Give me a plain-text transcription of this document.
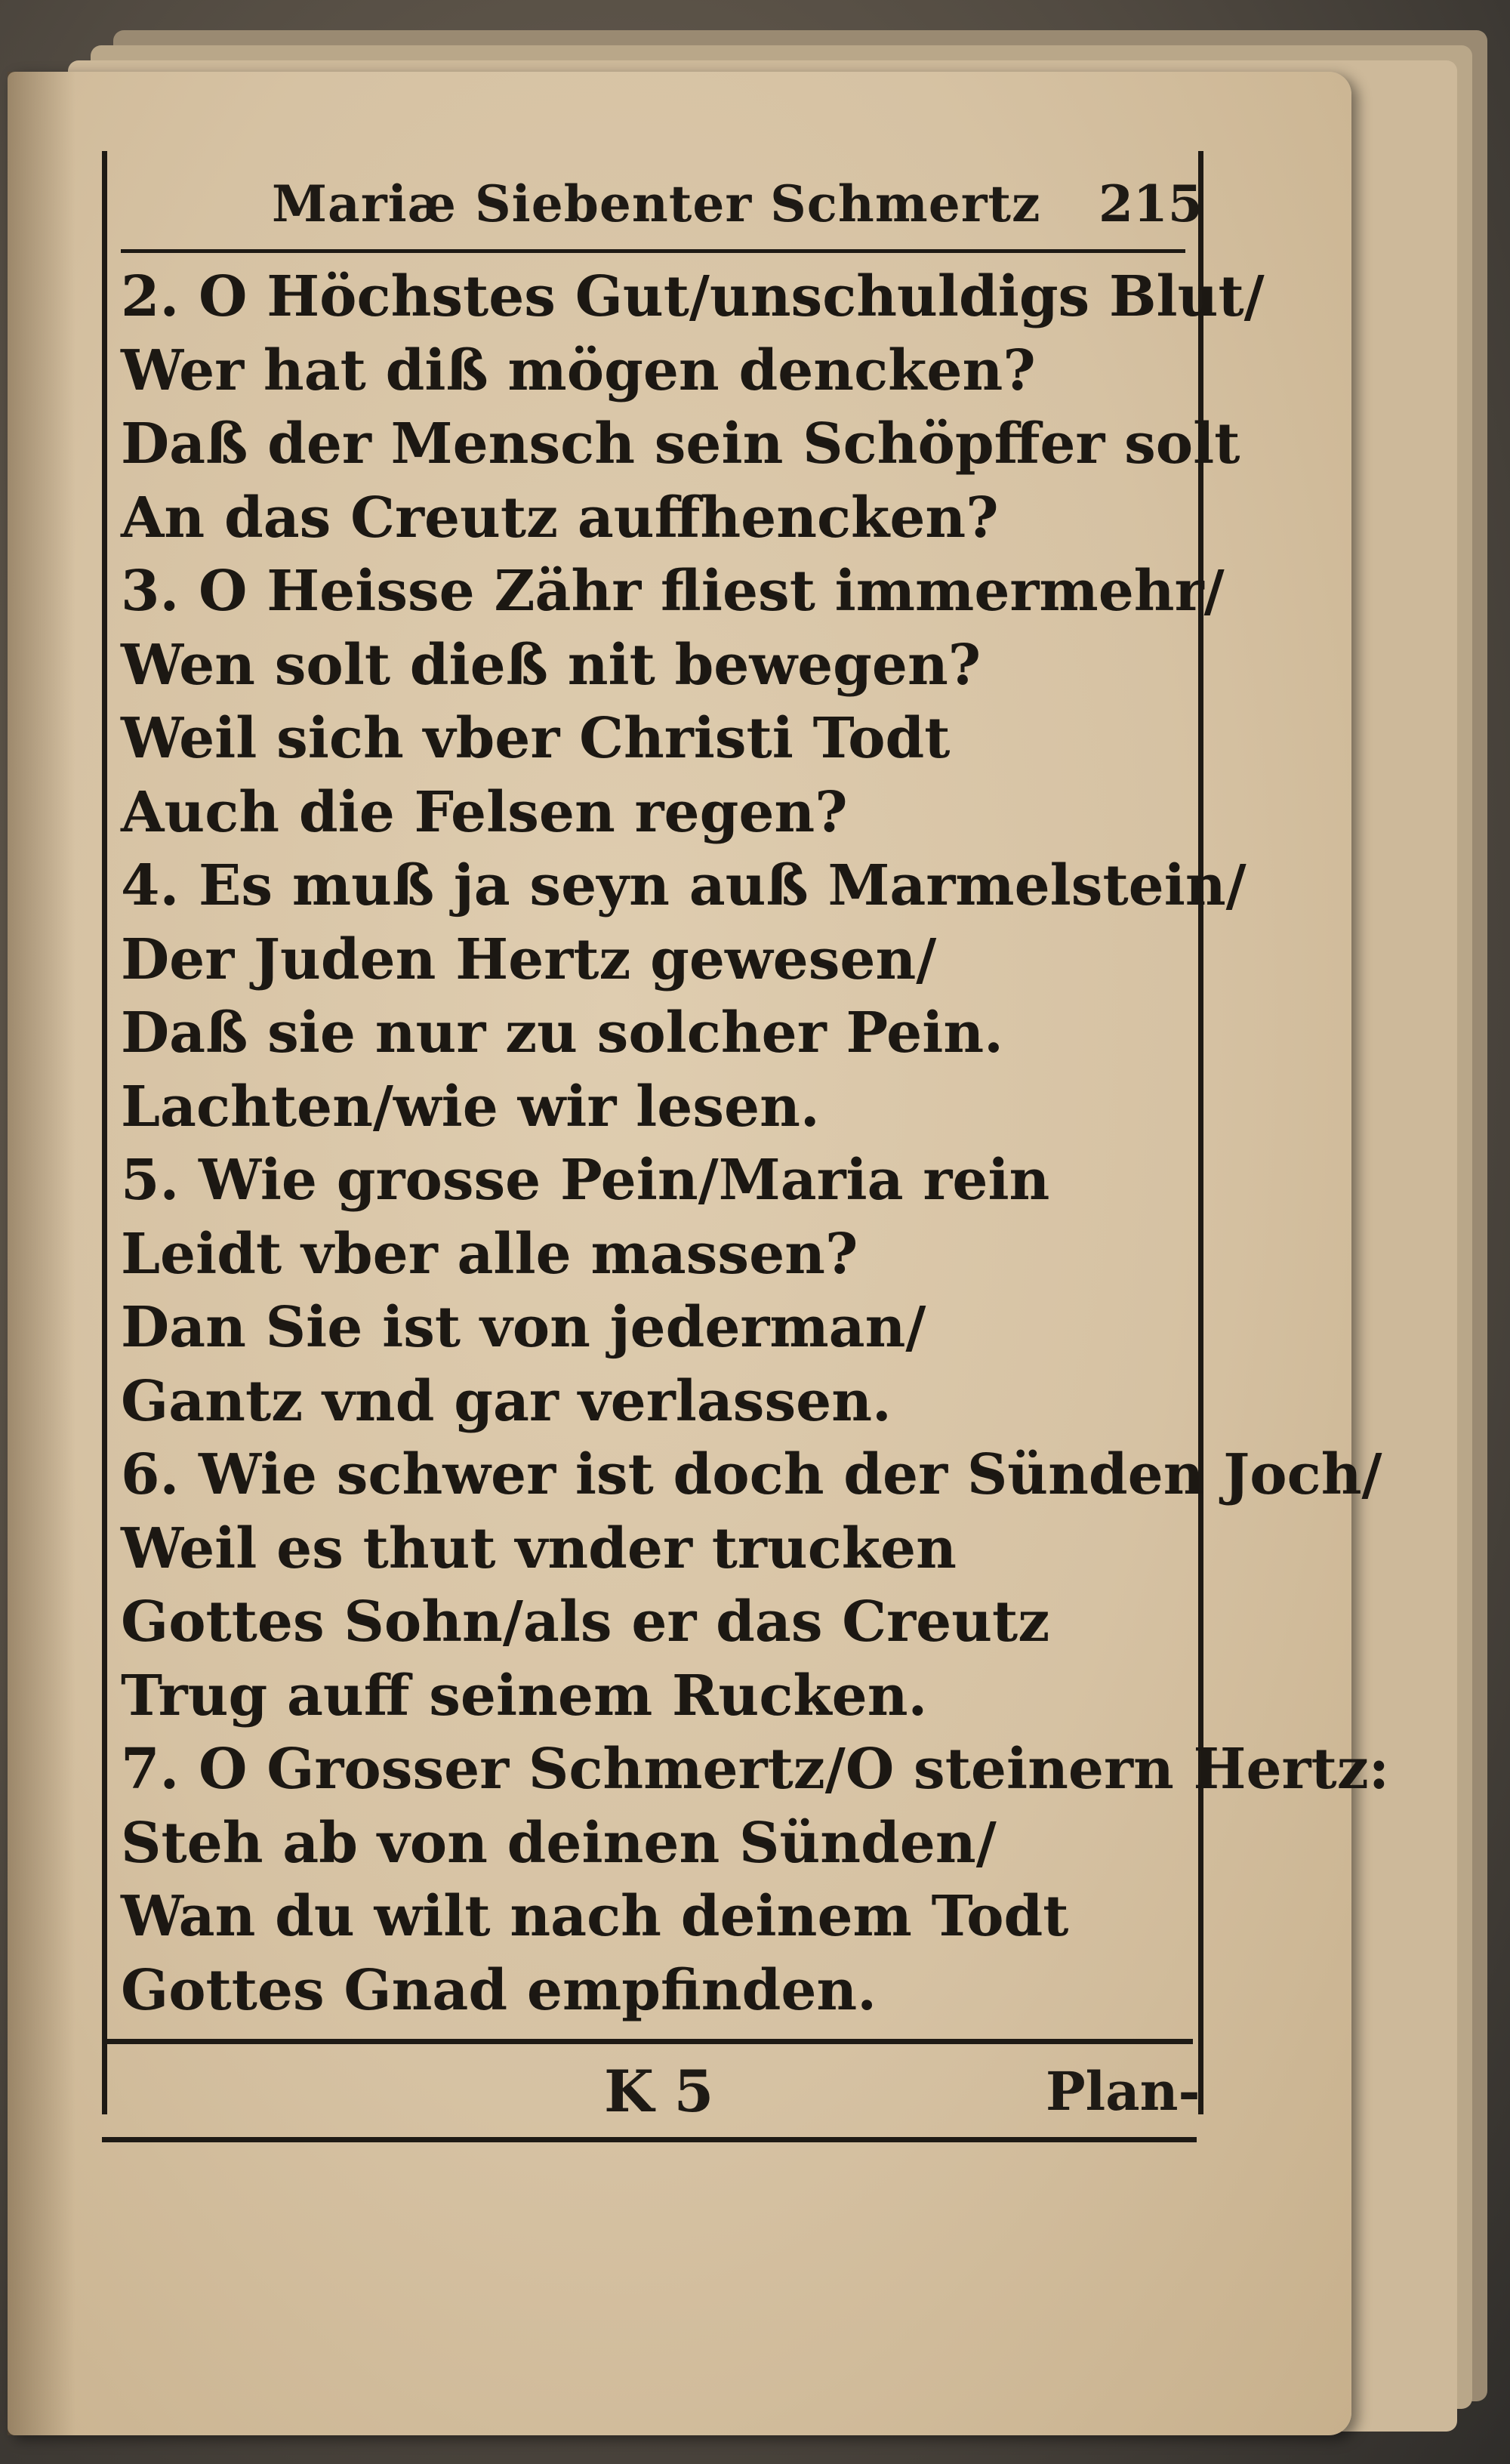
Mariæ Siebenter Schmertz 215
2. O Höchstes Gut/unschuldigs Blut/
Wer hat diß mögen dencken?
Daß der Mensch sein Schöpffer solt
An das Creutz auffhencken?
3. O Heisse Zähr fliest immermehr/
Wen solt dieß nit bewegen?
Weil sich vber Christi Todt
Auch die Felsen regen?
4. Es muß ja seyn auß Marmelstein/
Der Juden Hertz gewesen/
Daß sie nur zu solcher Pein.
Lachten/wie wir lesen.
5. Wie grosse Pein/Maria rein
Leidt vber alle massen?
Dan Sie ist von jederman/
Gantz vnd gar verlassen.
6. Wie schwer ist doch der Sünden Joch/
Weil es thut vnder trucken
Gottes Sohn/als er das Creutz
Trug auff seinem Rucken.
7. O Grosser Schmertz/O steinern Hertz:
Steh ab von deinen Sünden/
Wan du wilt nach deinem Todt
Gottes Gnad empfinden.
K 5	Plan-
